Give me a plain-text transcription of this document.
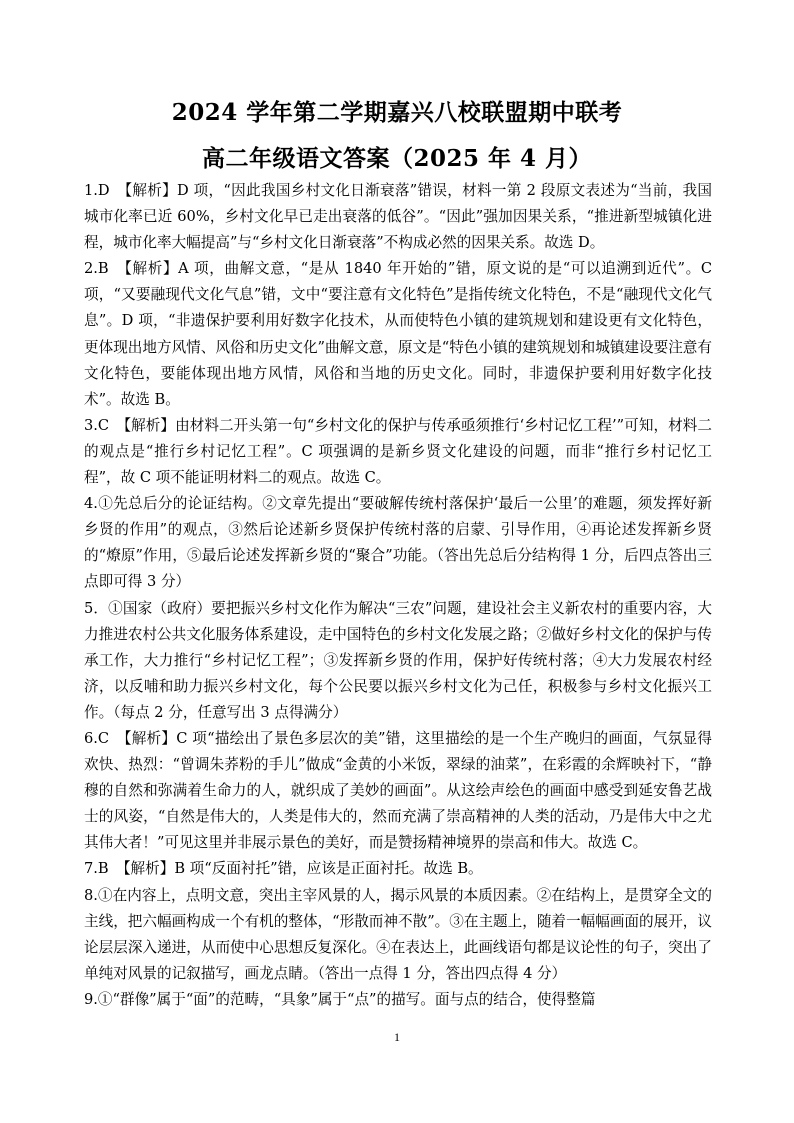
2024 学年第二学期嘉兴八校联盟期中联考
高二年级语文答案（2025 年 4 月）

1.D　【解析】D 项，“因此我国乡村文化日渐衰落”错误，材料一第 2 段原文表述为“当前，我国城市化率已近 60%，乡村文化早已走出衰落的低谷”。“因此”强加因果关系，“推进新型城镇化进程，城市化率大幅提高”与“乡村文化日渐衰落”不构成必然的因果关系。故选 D。

2.B　【解析】A 项，曲解文意，“是从 1840 年开始的”错，原文说的是“可以追溯到近代”。C 项，“又要融现代文化气息”错，文中“要注意有文化特色”是指传统文化特色，不是“融现代文化气息”。D 项，“非遗保护要利用好数字化技术，从而使特色小镇的建筑规划和建设更有文化特色，更体现出地方风情、风俗和历史文化”曲解文意，原文是“特色小镇的建筑规划和城镇建设要注意有文化特色，要能体现出地方风情，风俗和当地的历史文化。同时，非遗保护要利用好数字化技术”。故选 B。

3.C　【解析】由材料二开头第一句“乡村文化的保护与传承亟须推行‘乡村记忆工程’”可知，材料二的观点是“推行乡村记忆工程”。C 项强调的是新乡贤文化建设的问题，而非“推行乡村记忆工程”，故 C 项不能证明材料二的观点。故选 C。

4.①先总后分的论证结构。②文章先提出“要破解传统村落保护‘最后一公里’的难题，须发挥好新乡贤的作用”的观点，③然后论述新乡贤保护传统村落的启蒙、引导作用，④再论述发挥新乡贤的“燎原”作用，⑤最后论述发挥新乡贤的“聚合”功能。（答出先总后分结构得 1 分，后四点答出三点即可得 3 分）

5．①国家（政府）要把振兴乡村文化作为解决“三农”问题，建设社会主义新农村的重要内容，大力推进农村公共文化服务体系建设，走中国特色的乡村文化发展之路；②做好乡村文化的保护与传承工作，大力推行“乡村记忆工程”；③发挥新乡贤的作用，保护好传统村落；④大力发展农村经济，以反哺和助力振兴乡村文化，每个公民要以振兴乡村文化为己任，积极参与乡村文化振兴工作。（每点 2 分，任意写出 3 点得满分）

6.C　【解析】C 项“描绘出了景色多层次的美”错，这里描绘的是一个生产晚归的画面，气氛显得欢快、热烈：“曾调朱荞粉的手儿”做成“金黄的小米饭，翠绿的油菜”，在彩霞的余辉映衬下，“静穆的自然和弥满着生命力的人，就织成了美妙的画面”。从这绘声绘色的画面中感受到延安鲁艺战士的风姿，“自然是伟大的，人类是伟大的，然而充满了崇高精神的人类的活动，乃是伟大中之尤其伟大者！”可见这里并非展示景色的美好，而是赞扬精神境界的崇高和伟大。故选 C。

7.B　【解析】B 项“反面衬托”错，应该是正面衬托。故选 B。

8.①在内容上，点明文意，突出主宰风景的人，揭示风景的本质因素。②在结构上，是贯穿全文的主线，把六幅画构成一个有机的整体，“形散而神不散”。③在主题上，随着一幅幅画面的展开，议论层层深入递进，从而使中心思想反复深化。④在表达上，此画线语句都是议论性的句子，突出了单纯对风景的记叙描写，画龙点睛。（答出一点得 1 分，答出四点得 4 分）

9.①“群像”属于“面”的范畴，“具象”属于“点”的描写。面与点的结合，使得整篇

1
